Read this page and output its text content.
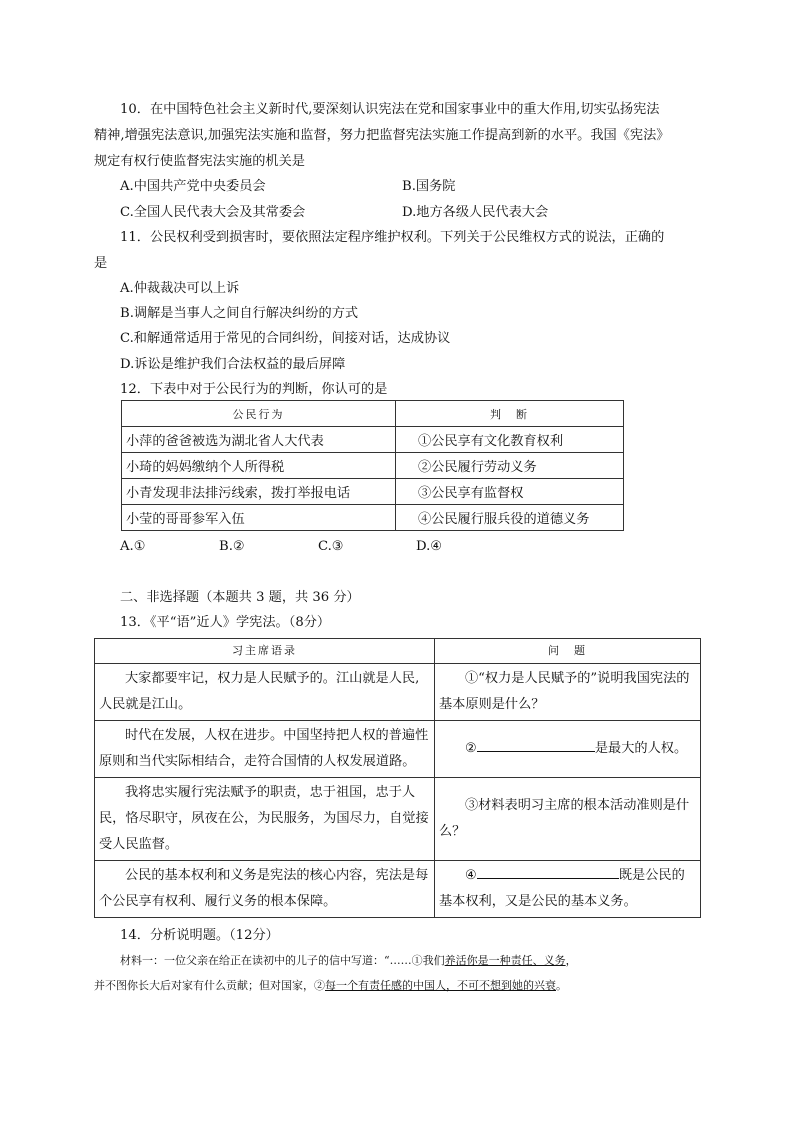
10．在中国特色社会主义新时代,要深刻认识宪法在党和国家事业中的重大作用,切实弘扬宪法
精神,增强宪法意识,加强宪法实施和监督，努力把监督宪法实施工作提高到新的水平。我国《宪法》
规定有权行使监督宪法实施的机关是
A.中国共产党中央委员会	B.国务院
C.全国人民代表大会及其常委会	D.地方各级人民代表大会
11．公民权利受到损害时，要依照法定程序维护权利。下列关于公民维权方式的说法，正确的
是
A.仲裁裁决可以上诉
B.调解是当事人之间自行解决纠纷的方式
C.和解通常适用于常见的合同纠纷，间接对话，达成协议
D.诉讼是维护我们合法权益的最后屏障
12．下表中对于公民行为的判断，你认可的是
公民行为	判　断
小萍的爸爸被选为湖北省人大代表	①公民享有文化教育权利
小琦的妈妈缴纳个人所得税	②公民履行劳动义务
小青发现非法排污线索，拨打举报电话	③公民享有监督权
小莹的哥哥参军入伍	④公民履行服兵役的道德义务
A.①	B.②	C.③	D.④
二、非选择题（本题共 3 题，共 36 分）
13．《平“语”近人》学宪法。（8分）
习主席语录	问　题
大家都要牢记，权力是人民赋予的。江山就是人民,人民就是江山。	①“权力是人民赋予的”说明我国宪法的基本原则是什么？
时代在发展，人权在进步。中国坚持把人权的普遍性原则和当代实际相结合，走符合国情的人权发展道路。	② 是最大的人权。
我将忠实履行宪法赋予的职责，忠于祖国，忠于人民，恪尽职守，夙夜在公，为民服务，为国尽力，自觉接受人民监督。	③材料表明习主席的根本活动准则是什么？
公民的基本权利和义务是宪法的核心内容，宪法是每个公民享有权利、履行义务的根本保障。	④ 既是公民的基本权利，又是公民的基本义务。
14．分析说明题。（12分）
材料一：一位父亲在给正在读初中的儿子的信中写道：“……①我们养活你是一种责任、义务，
并不图你长大后对家有什么贡献；但对国家，②每一个有责任感的中国人，不可不想到她的兴衰。
